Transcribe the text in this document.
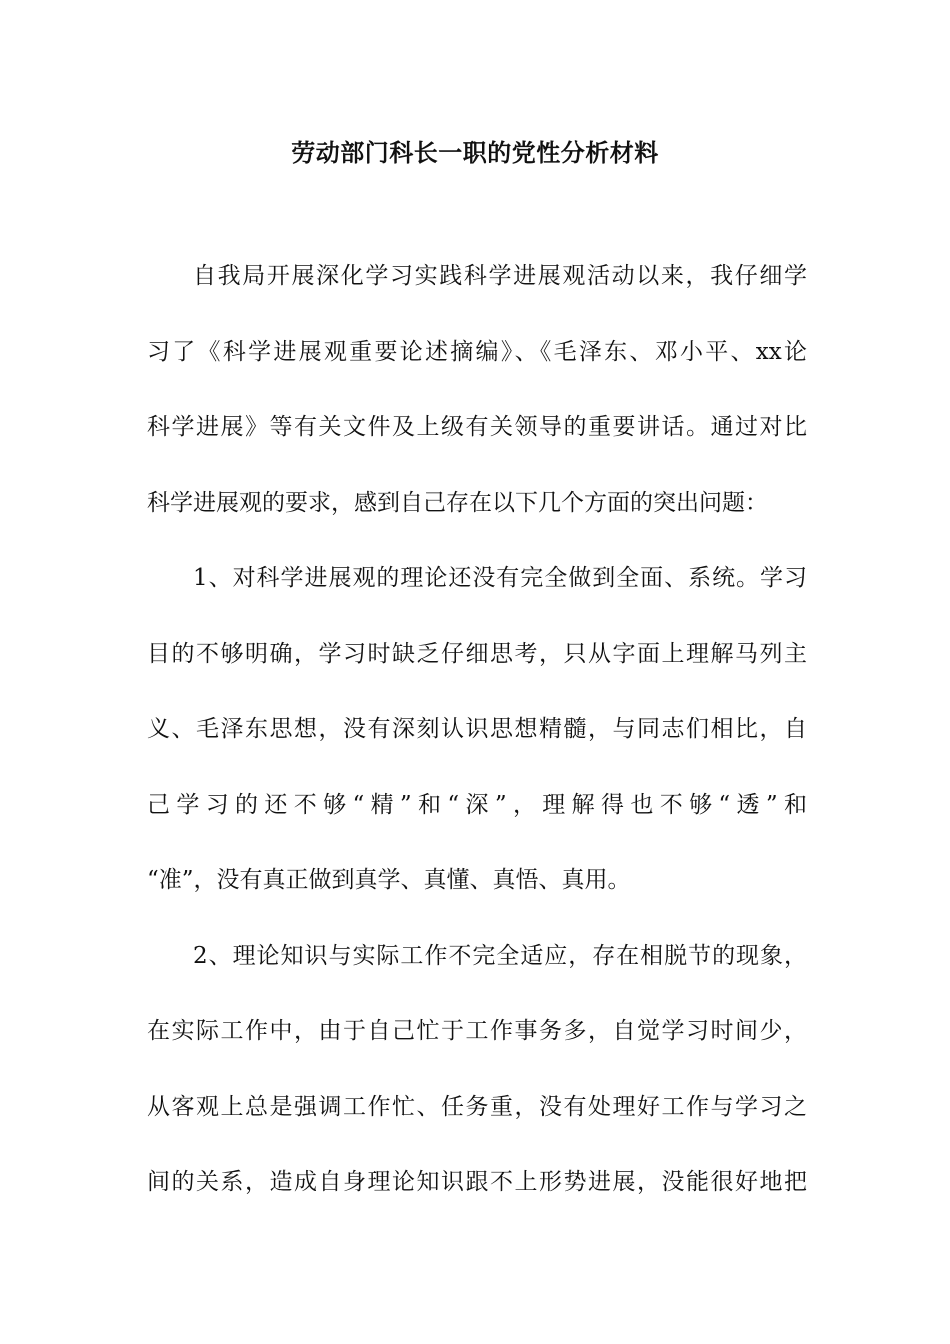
劳动部门科长一职的党性分析材料
自我局开展深化学习实践科学进展观活动以来，我仔细学
习了《科学进展观重要论述摘编》、《毛泽东、邓小平、xx论
科学进展》等有关文件及上级有关领导的重要讲话。通过对比
科学进展观的要求，感到自己存在以下几个方面的突出问题：
1、对科学进展观的理论还没有完全做到全面、系统。学习
目的不够明确，学习时缺乏仔细思考，只从字面上理解马列主
义、毛泽东思想，没有深刻认识思想精髓，与同志们相比，自
己学习的还不够“精”和“深”，理解得也不够“透”和
“准”，没有真正做到真学、真懂、真悟、真用。
2、理论知识与实际工作不完全适应，存在相脱节的现象，
在实际工作中，由于自己忙于工作事务多，自觉学习时间少，
从客观上总是强调工作忙、任务重，没有处理好工作与学习之
间的关系，造成自身理论知识跟不上形势进展，没能很好地把
